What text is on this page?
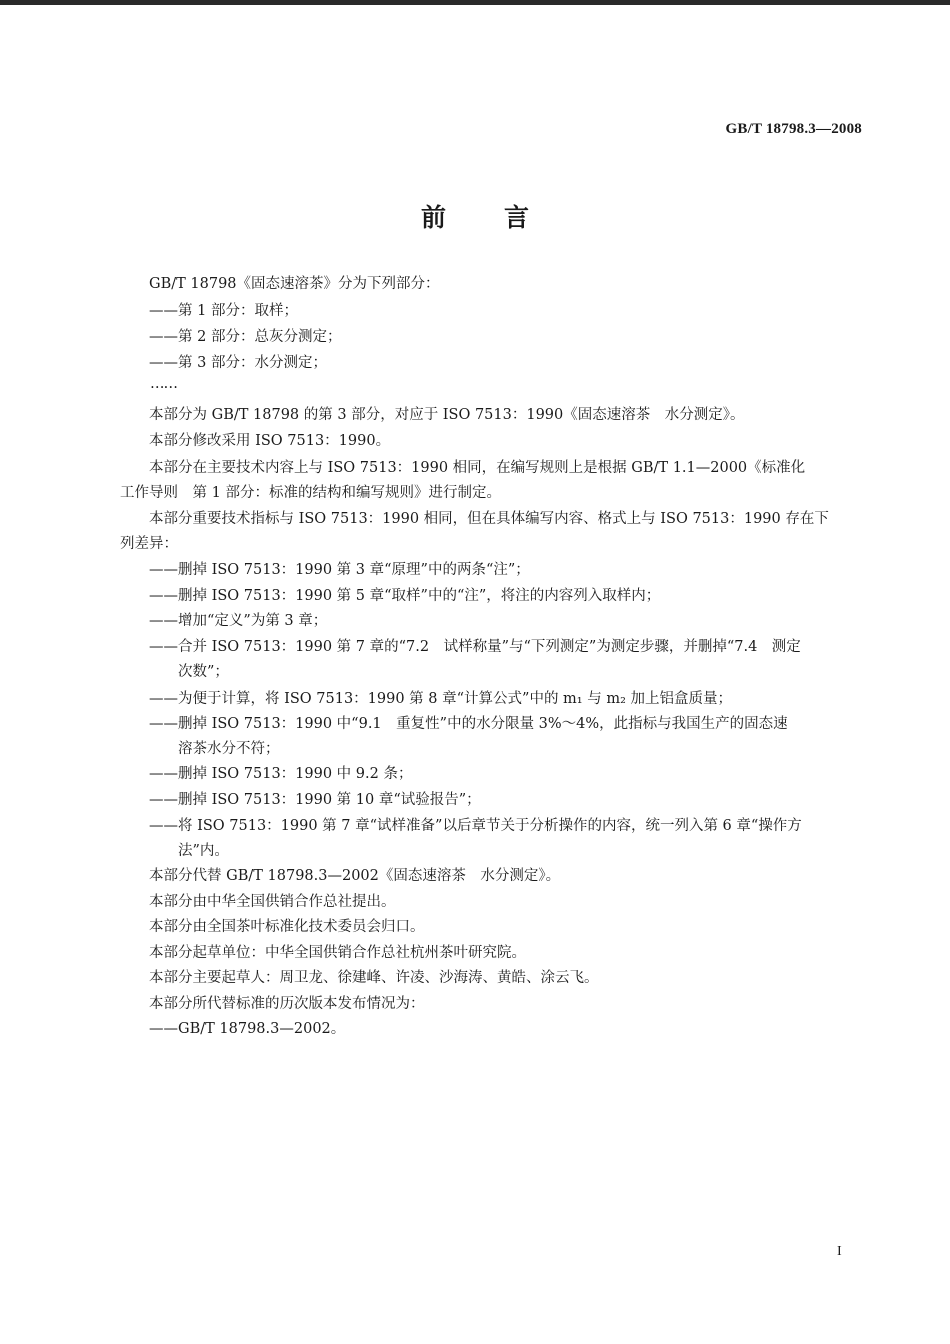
GB/T 18798.3—2008
前言
GB/T 18798《固态速溶茶》分为下列部分：
——第 1 部分：取样；
——第 2 部分：总灰分测定；
——第 3 部分：水分测定；
……
本部分为 GB/T 18798 的第 3 部分，对应于 ISO 7513：1990《固态速溶茶　水分测定》。
本部分修改采用 ISO 7513：1990。
本部分在主要技术内容上与 ISO 7513：1990 相同，在编写规则上是根据 GB/T 1.1—2000《标准化
工作导则　第 1 部分：标准的结构和编写规则》进行制定。
本部分重要技术指标与 ISO 7513：1990 相同，但在具体编写内容、格式上与 ISO 7513：1990 存在下
列差异：
——删掉 ISO 7513：1990 第 3 章“原理”中的两条“注”；
——删掉 ISO 7513：1990 第 5 章“取样”中的“注”，将注的内容列入取样内；
——增加“定义”为第 3 章；
——合并 ISO 7513：1990 第 7 章的“7.2　试样称量”与“下列测定”为测定步骤，并删掉“7.4　测定
次数”；
——为便于计算，将 ISO 7513：1990 第 8 章“计算公式”中的 m₁ 与 m₂ 加上铝盒质量；
——删掉 ISO 7513：1990 中“9.1　重复性”中的水分限量 3%～4%，此指标与我国生产的固态速
溶茶水分不符；
——删掉 ISO 7513：1990 中 9.2 条；
——删掉 ISO 7513：1990 第 10 章“试验报告”；
——将 ISO 7513：1990 第 7 章“试样准备”以后章节关于分析操作的内容，统一列入第 6 章“操作方
法”内。
本部分代替 GB/T 18798.3—2002《固态速溶茶　水分测定》。
本部分由中华全国供销合作总社提出。
本部分由全国茶叶标准化技术委员会归口。
本部分起草单位：中华全国供销合作总社杭州茶叶研究院。
本部分主要起草人：周卫龙、徐建峰、许凌、沙海涛、黄皓、涂云飞。
本部分所代替标准的历次版本发布情况为：
——GB/T 18798.3—2002。
I
